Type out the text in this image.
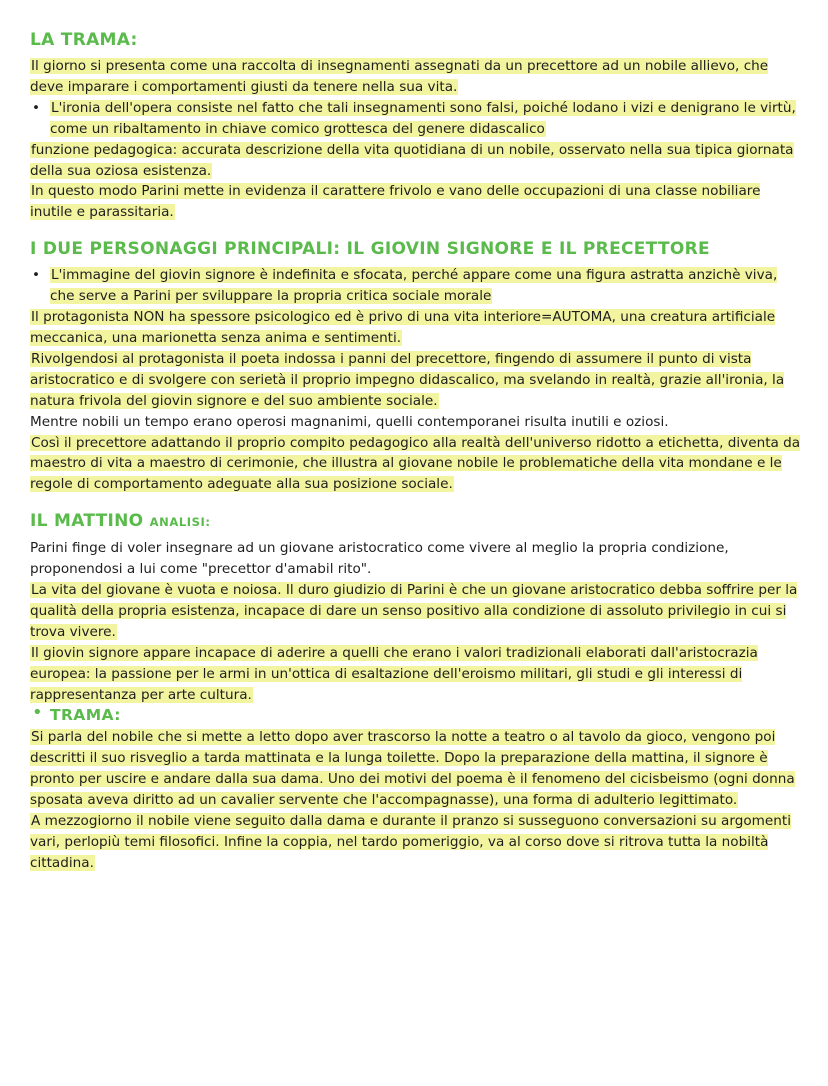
LA TRAMA:

Il giorno si presenta come una raccolta di insegnamenti assegnati da un precettore ad un nobile allievo, che deve imparare i comportamenti giusti da tenere nella sua vita.

• L'ironia dell'opera consiste nel fatto che tali insegnamenti sono falsi, poiché lodano i vizi e denigrano le virtù, come un ribaltamento in chiave comico grottesca del genere didascalico

funzione pedagogica: accurata descrizione della vita quotidiana di un nobile, osservato nella sua tipica giornata della sua oziosa esistenza.

In questo modo Parini mette in evidenza il carattere frivolo e vano delle occupazioni di una classe nobiliare inutile e parassitaria.

I DUE PERSONAGGI PRINCIPALI: IL GIOVIN SIGNORE E IL PRECETTORE
• L'immagine del giovin signore è indefinita e sfocata, perché appare come una figura astratta anzichè viva, che serve a Parini per sviluppare la propria critica sociale morale

Il protagonista NON ha spessore psicologico ed è privo di una vita interiore=AUTOMA, una creatura artificiale meccanica, una marionetta senza anima e sentimenti.

Rivolgendosi al protagonista il poeta indossa i panni del precettore, fingendo di assumere il punto di vista aristocratico e di svolgere con serietà il proprio impegno didascalico, ma svelando in realtà, grazie all'ironia, la natura frivola del giovin signore e del suo ambiente sociale.

Mentre nobili un tempo erano operosi magnanimi, quelli contemporanei risulta inutili e oziosi.

Così il precettore adattando il proprio compito pedagogico alla realtà dell'universo ridotto a etichetta, diventa da maestro di vita a maestro di cerimonie, che illustra al giovane nobile le problematiche della vita mondane e le regole di comportamento adeguate alla sua posizione sociale.

IL MATTINO ANALISI:

Parini finge di voler insegnare ad un giovane aristocratico come vivere al meglio la propria condizione, proponendosi a lui come "precettor d'amabil rito".

La vita del giovane è vuota e noiosa. Il duro giudizio di Parini è che un giovane aristocratico debba soffrire per la qualità della propria esistenza, incapace di dare un senso positivo alla condizione di assoluto privilegio in cui si trova vivere.

Il giovin signore appare incapace di aderire a quelli che erano i valori tradizionali elaborati dall'aristocrazia europea: la passione per le armi in un'ottica di esaltazione dell'eroismo militari, gli studi e gli interessi di rappresentanza per arte cultura.

• TRAMA:

Si parla del nobile che si mette a letto dopo aver trascorso la notte a teatro o al tavolo da gioco, vengono poi descritti il suo risveglio a tarda mattinata e la lunga toilette. Dopo la preparazione della mattina, il signore è pronto per uscire e andare dalla sua dama. Uno dei motivi del poema è il fenomeno del cicisbeismo (ogni donna sposata aveva diritto ad un cavalier servente che l'accompagnasse), una forma di adulterio legittimato.

A mezzogiorno il nobile viene seguito dalla dama e durante il pranzo si susseguono conversazioni su argomenti vari, perlopiù temi filosofici. Infine la coppia, nel tardo pomeriggio, va al corso dove si ritrova tutta la nobiltà cittadina.
